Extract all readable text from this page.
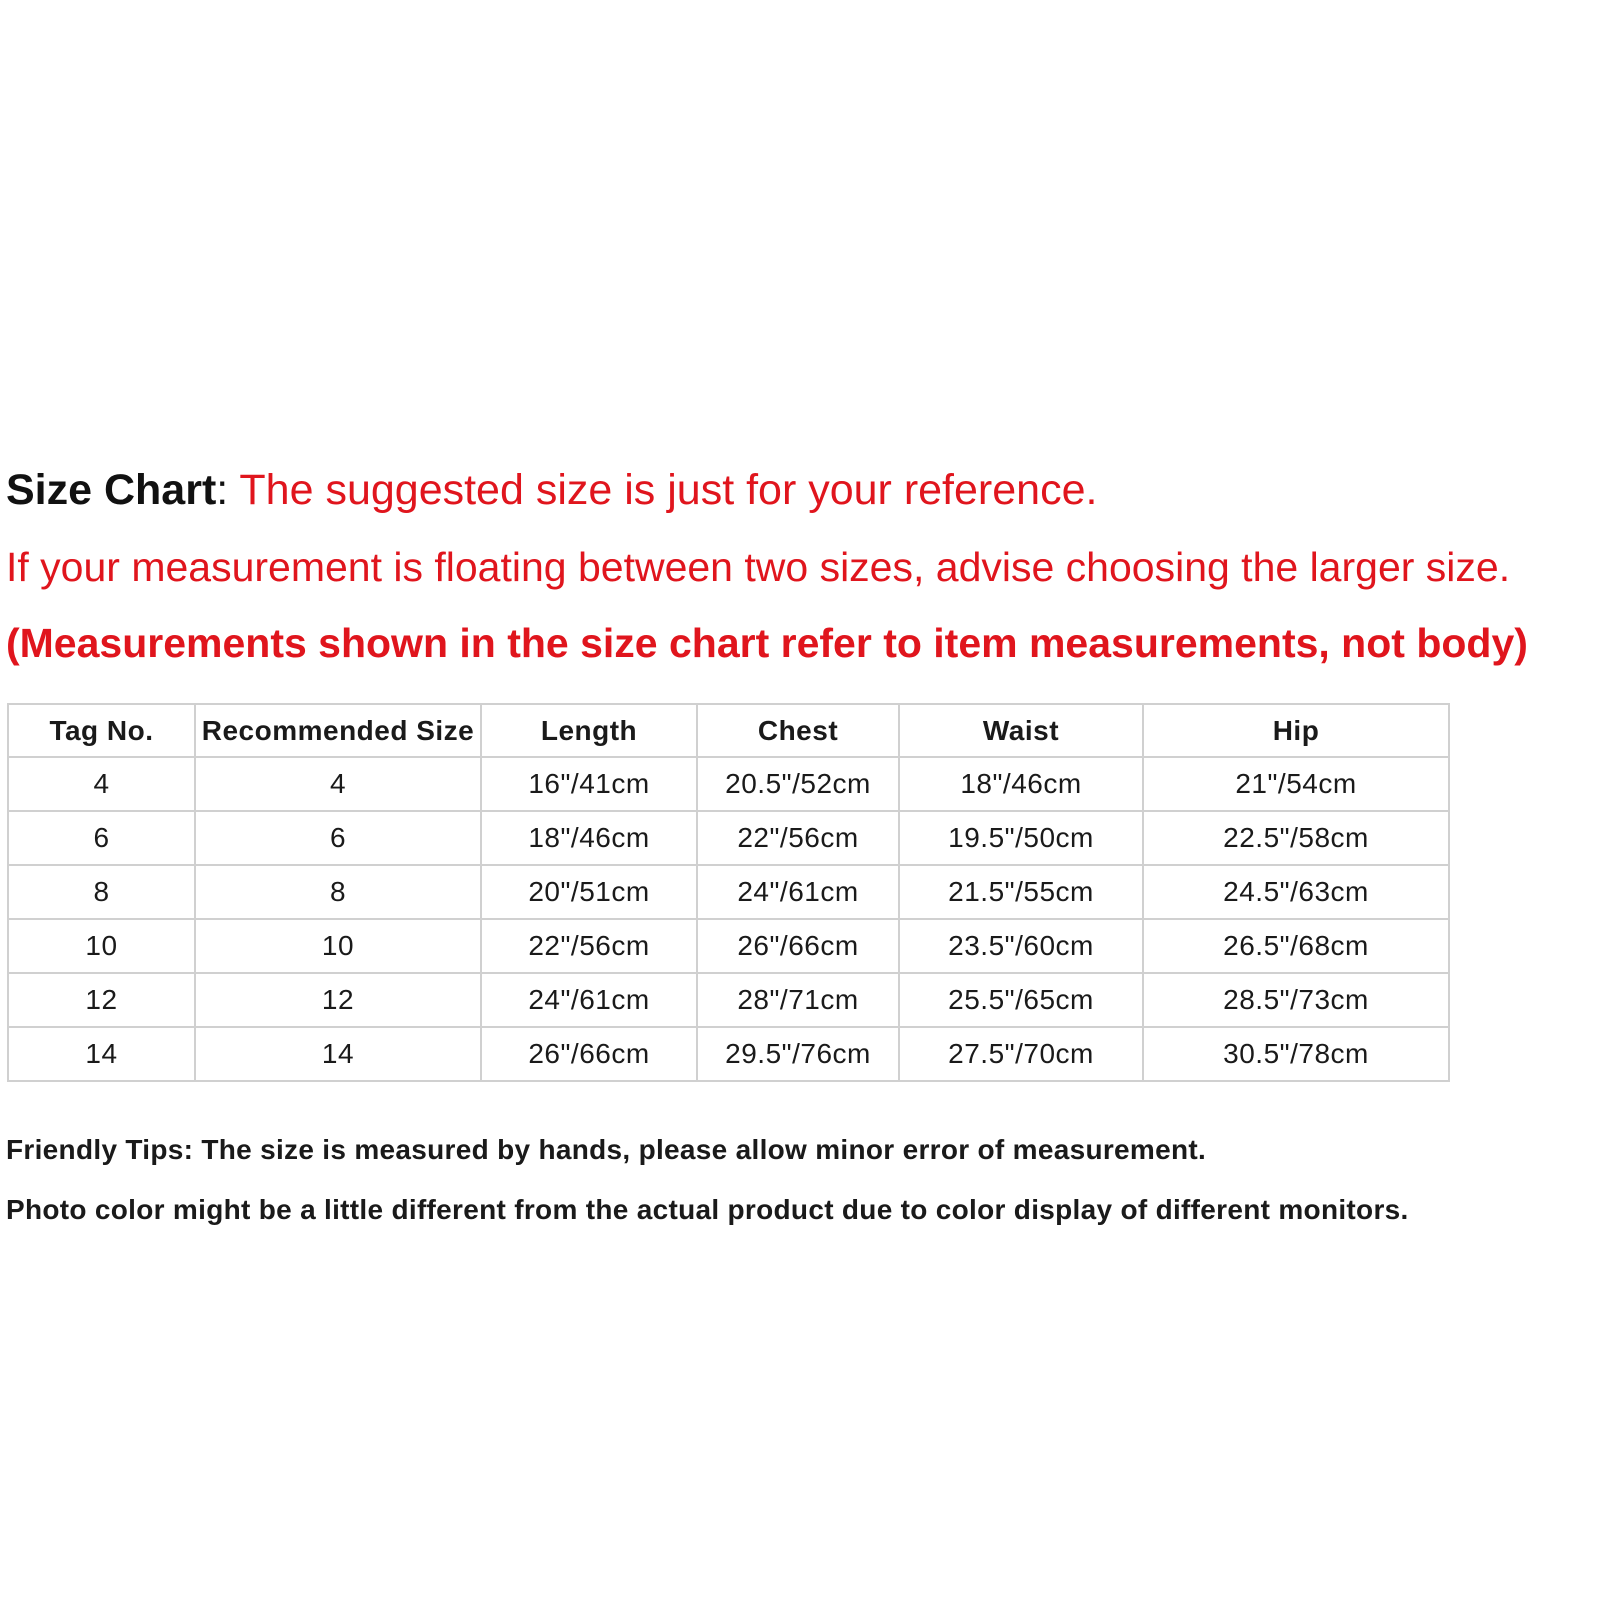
Size Chart: The suggested size is just for your reference.
If your measurement is floating between two sizes, advise choosing the larger size.
(Measurements shown in the size chart refer to item measurements, not body)
Tag No.	Recommended Size	Length	Chest	Waist	Hip
4	4	16"/41cm	20.5"/52cm	18"/46cm	21"/54cm
6	6	18"/46cm	22"/56cm	19.5"/50cm	22.5"/58cm
8	8	20"/51cm	24"/61cm	21.5"/55cm	24.5"/63cm
10	10	22"/56cm	26"/66cm	23.5"/60cm	26.5"/68cm
12	12	24"/61cm	28"/71cm	25.5"/65cm	28.5"/73cm
14	14	26"/66cm	29.5"/76cm	27.5"/70cm	30.5"/78cm
Friendly Tips: The size is measured by hands, please allow minor error of measurement.
Photo color might be a little different from the actual product due to color display of different monitors.
